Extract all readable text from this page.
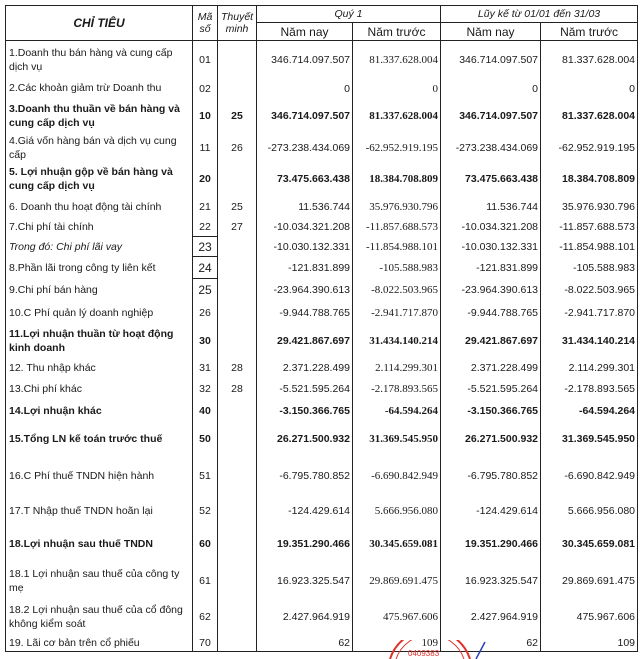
CHỈ TIÊU	Mã số	Thuyết minh	Quý 1		Lũy kế từ 01/01 đến 31/03	
			Năm nay	Năm trước	Năm nay	Năm trước
1.Doanh thu bán hàng và cung cấp dịch vụ	01		346.714.097.507	81.337.628.004	346.714.097.507	81.337.628.004
2.Các khoản giảm trừ Doanh thu	02		0	0	0	0
3.Doanh thu thuần về bán hàng và cung cấp dịch vụ	10	25	346.714.097.507	81.337.628.004	346.714.097.507	81.337.628.004
4.Giá vốn hàng bán và dịch vụ cung cấp	11	26	-273.238.434.069	-62.952.919.195	-273.238.434.069	-62.952.919.195
5. Lợi nhuận gộp về bán hàng và cung cấp dịch vụ	20		73.475.663.438	18.384.708.809	73.475.663.438	18.384.708.809
6. Doanh thu hoạt động tài chính	21	25	11.536.744	35.976.930.796	11.536.744	35.976.930.796
7.Chi phí tài chính	22	27	-10.034.321.208	-11.857.688.573	-10.034.321.208	-11.857.688.573
Trong đó: Chi phí lãi vay	23		-10.030.132.331	-11.854.988.101	-10.030.132.331	-11.854.988.101
8.Phần lãi trong công ty liên kết	24		-121.831.899	-105.588.983	-121.831.899	-105.588.983
9.Chi phí bán hàng	25		-23.964.390.613	-8.022.503.965	-23.964.390.613	-8.022.503.965
10.C Phí quản lý doanh nghiệp	26		-9.944.788.765	-2.941.717.870	-9.944.788.765	-2.941.717.870
11.Lợi nhuận thuần từ hoạt động kinh doanh	30		29.421.867.697	31.434.140.214	29.421.867.697	31.434.140.214
12. Thu nhập khác	31	28	2.371.228.499	2.114.299.301	2.371.228.499	2.114.299.301
13.Chi phí khác	32	28	-5.521.595.264	-2.178.893.565	-5.521.595.264	-2.178.893.565
14.Lợi nhuận khác	40		-3.150.366.765	-64.594.264	-3.150.366.765	-64.594.264
15.Tổng LN kế toán trước thuế	50		26.271.500.932	31.369.545.950	26.271.500.932	31.369.545.950
16.C Phí thuế TNDN hiện hành	51		-6.795.780.852	-6.690.842.949	-6.795.780.852	-6.690.842.949
17.T Nhập thuế TNDN hoãn lại	52		-124.429.614	5.666.956.080	-124.429.614	5.666.956.080
18.Lợi nhuận sau thuế TNDN	60		19.351.290.466	30.345.659.081	19.351.290.466	30.345.659.081
18.1 Lợi nhuận sau thuế của công ty mẹ	61		16.923.325.547	29.869.691.475	16.923.325.547	29.869.691.475
18.2 Lợi nhuận sau thuế của cổ đông không kiểm soát	62		2.427.964.919	475.967.606	2.427.964.919	475.967.606
19. Lãi cơ bản trên cổ phiếu	70		62	109	62	109
0409383
